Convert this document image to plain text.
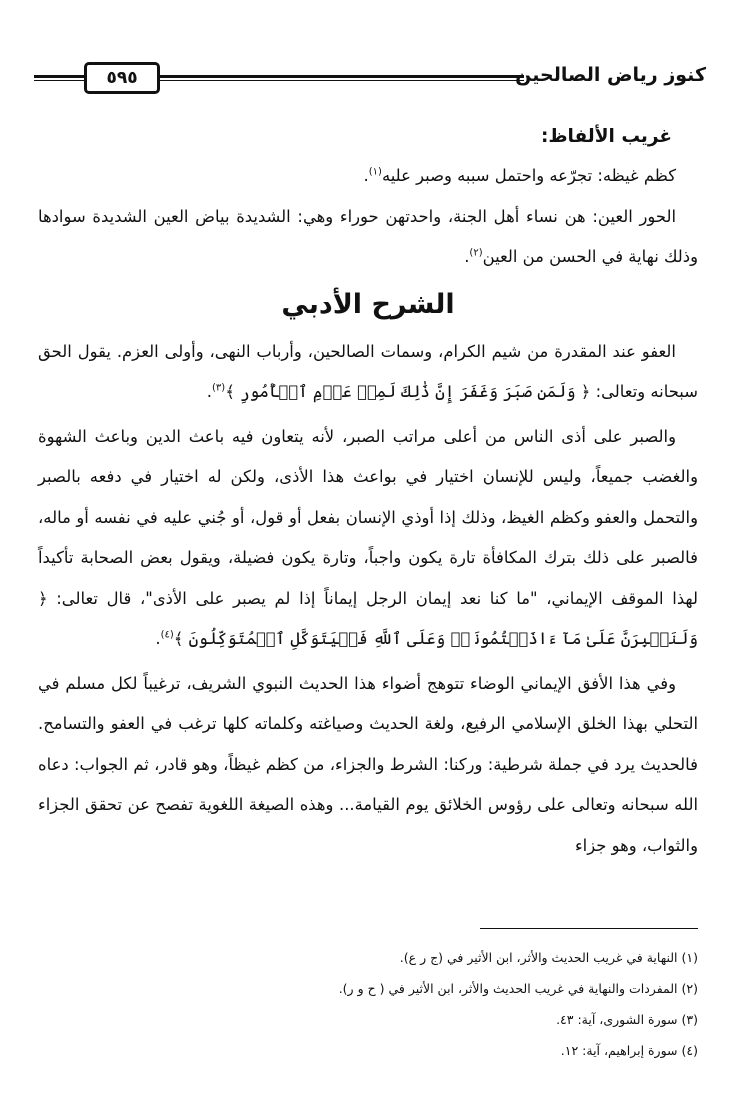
٥٩٥	كنوز رياض الصالحين
غريب الألفاظ:

كظم غيظه: تجرّعه واحتمل سببه وصبر عليه$^{(١)}$.

الحور العين: هن نساء أهل الجنة، واحدتهن حوراء وهي: الشديدة بياض العين الشديدة سوادها وذلك نهاية في الحسن من العين$^{(٢)}$.

الشرح الأدبي

العفو عند المقدرة من شيم الكرام، وسمات الصالحين، وأرباب النهى، وأولى العزم. يقول الحق سبحانه وتعالى: ﴿ وَلَمَن صَبَرَ وَغَفَرَ إِنَّ ذَٰلِكَ لَمِنۡ عَزۡمِ ٱلۡأُمُورِ ﴾$^{(٣)}$.

والصبر على أذى الناس من أعلى مراتب الصبر، لأنه يتعاون فيه باعث الدين وباعث الشهوة والغضب جميعاً، وليس للإنسان اختيار في بواعث هذا الأذى، ولكن له اختيار في دفعه بالصبر والتحمل والعفو وكظم الغيظ، وذلك إذا أوذي الإنسان بفعل أو قول، أو جُني عليه في نفسه أو ماله، فالصبر على ذلك بترك المكافأة تارة يكون واجباً، وتارة يكون فضيلة، ويقول بعض الصحابة تأكيداً لهذا الموقف الإيماني، "ما كنا نعد إيمان الرجل إيماناً إذا لم يصبر على الأذى"، قال تعالى: ﴿ وَلَنَصۡبِرَنَّ عَلَىٰ مَآ ءَاذَيۡتُمُونَاۚ وَعَلَى ٱللَّهِ فَلۡيَتَوَكَّلِ ٱلۡمُتَوَكِّلُونَ ﴾$^{(٤)}$.

وفي هذا الأفق الإيماني الوضاء تتوهج أضواء هذا الحديث النبوي الشريف، ترغيباً لكل مسلم في التحلي بهذا الخلق الإسلامي الرفيع، ولغة الحديث وصياغته وكلماته كلها ترغب في العفو والتسامح. فالحديث يرد في جملة شرطية: وركنا: الشرط والجزاء، من كظم غيظاً، وهو قادر، ثم الجواب: دعاه الله سبحانه وتعالى على رؤوس الخلائق يوم القيامة... وهذه الصيغة اللغوية تفصح عن تحقق الجزاء والثواب، وهو جزاء

(١) النهاية في غريب الحديث والأثر، ابن الأثير في (ج ر ع).

(٢) المفردات والنهاية في غريب الحديث والأثر، ابن الأثير في ( ح و ر).

(٣) سورة الشورى، آية: ٤٣.

(٤) سورة إبراهيم، آية: ١٢.
